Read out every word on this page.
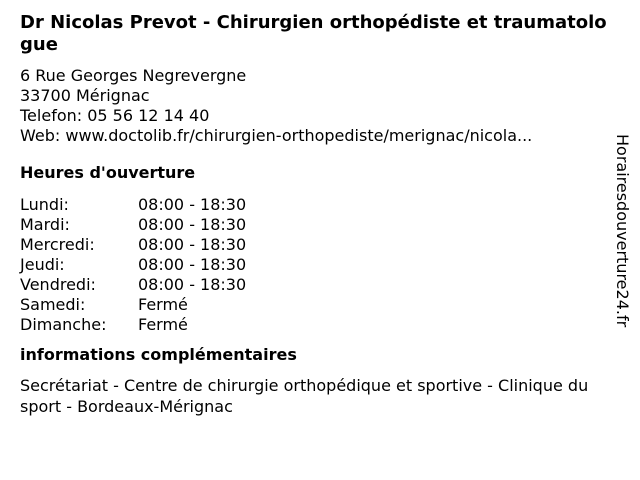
Dr Nicolas Prevot - Chirurgien orthopédiste et traumatologue
6 Rue Georges Negrevergne
33700 Mérignac
Telefon: 05 56 12 14 40
Web: www.doctolib.fr/chirurgien-orthopediste/merignac/nicola...
Heures d'ouverture
Lundi:	08:00 - 18:30
Mardi:	08:00 - 18:30
Mercredi:	08:00 - 18:30
Jeudi:	08:00 - 18:30
Vendredi:	08:00 - 18:30
Samedi:	Fermé
Dimanche:	Fermé
informations complémentaires
Secrétariat - Centre de chirurgie orthopédique et sportive - Clinique du sport - Bordeaux-Mérignac
Horairesdouverture24.fr
